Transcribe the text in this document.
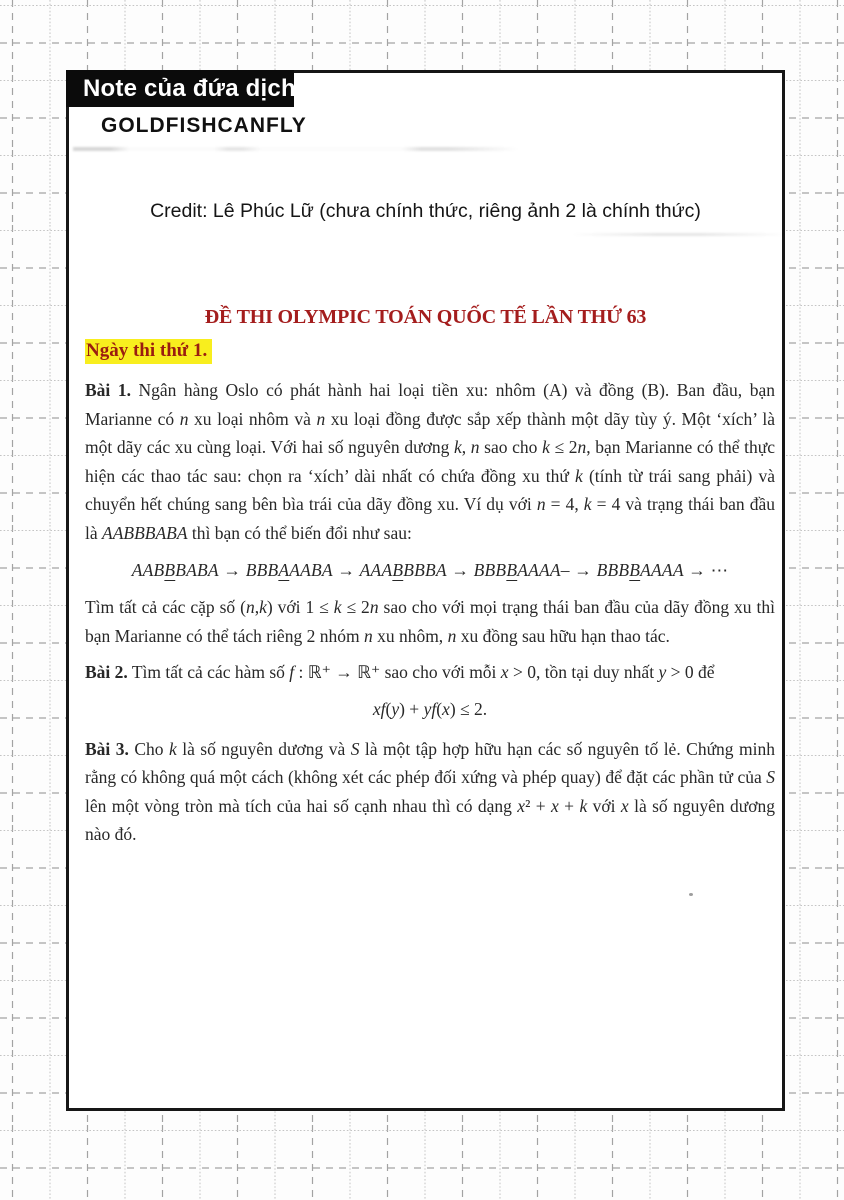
Note của đứa dịch
GOLDFISHCANFLY
Credit: Lê Phúc Lữ (chưa chính thức, riêng ảnh 2 là chính thức)
ĐỀ THI OLYMPIC TOÁN QUỐC TẾ LẦN THỨ 63
Ngày thi thứ 1.
Bài 1. Ngân hàng Oslo có phát hành hai loại tiền xu: nhôm (A) và đồng (B). Ban đầu, bạn Marianne có n xu loại nhôm và n xu loại đồng được sắp xếp thành một dãy tùy ý. Một ‘xích’ là một dãy các xu cùng loại. Với hai số nguyên dương k, n sao cho k ≤ 2n, bạn Marianne có thể thực hiện các thao tác sau: chọn ra ‘xích’ dài nhất có chứa đồng xu thứ k (tính từ trái sang phải) và chuyển hết chúng sang bên bìa trái của dãy đồng xu. Ví dụ với n = 4, k = 4 và trạng thái ban đầu là AABBBABA thì bạn có thể biến đổi như sau:
AABBBABA → BBBAAABA → AAABBBBA → BBBBAAAA– → BBBBAAAA → ⋯
Tìm tất cả các cặp số (n,k) với 1 ≤ k ≤ 2n sao cho với mọi trạng thái ban đầu của dãy đồng xu thì bạn Marianne có thể tách riêng 2 nhóm n xu nhôm, n xu đồng sau hữu hạn thao tác.
Bài 2. Tìm tất cả các hàm số f : ℝ⁺ → ℝ⁺ sao cho với mỗi x > 0, tồn tại duy nhất y > 0 để
xf(y) + yf(x) ≤ 2.
Bài 3. Cho k là số nguyên dương và S là một tập hợp hữu hạn các số nguyên tố lẻ. Chứng minh rằng có không quá một cách (không xét các phép đối xứng và phép quay) để đặt các phần tử của S lên một vòng tròn mà tích của hai số cạnh nhau thì có dạng x² + x + k với x là số nguyên dương nào đó.
